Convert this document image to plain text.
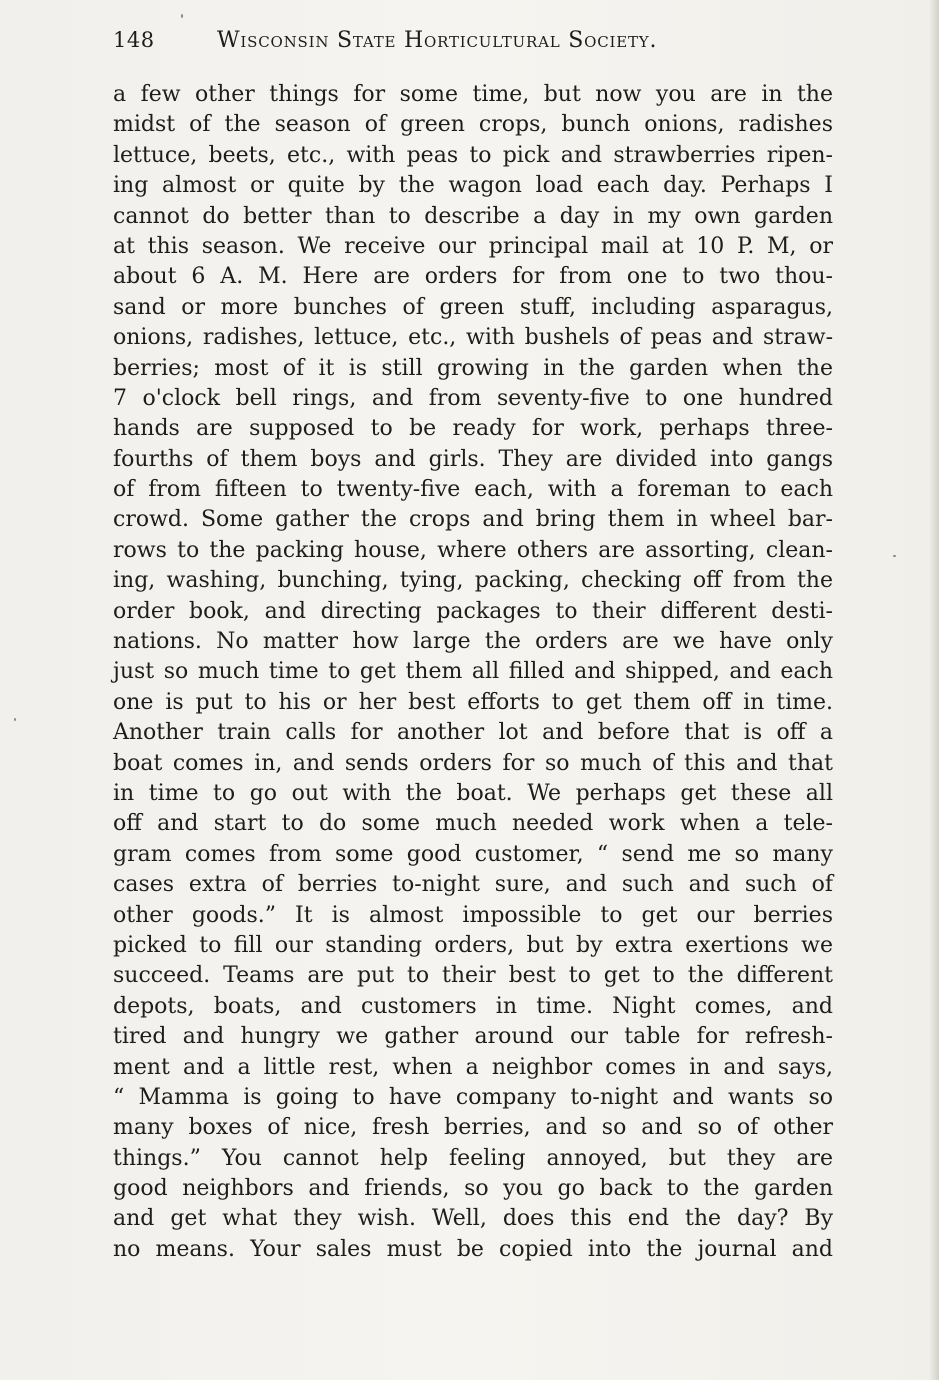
148	Wisconsin State Horticultural Society.
a few other things for some time, but now you are in the
midst of the season of green crops, bunch onions, radishes
lettuce, beets, etc., with peas to pick and strawberries ripen-
ing almost or quite by the wagon load each day. Perhaps I
cannot do better than to describe a day in my own garden
at this season. We receive our principal mail at 10 P. M, or
about 6 A. M. Here are orders for from one to two thou-
sand or more bunches of green stuff, including asparagus,
onions, radishes, lettuce, etc., with bushels of peas and straw-
berries; most of it is still growing in the garden when the
7 o'clock bell rings, and from seventy-five to one hundred
hands are supposed to be ready for work, perhaps three-
fourths of them boys and girls. They are divided into gangs
of from fifteen to twenty-five each, with a foreman to each
crowd. Some gather the crops and bring them in wheel bar-
rows to the packing house, where others are assorting, clean-
ing, washing, bunching, tying, packing, checking off from the
order book, and directing packages to their different desti-
nations. No matter how large the orders are we have only
just so much time to get them all filled and shipped, and each
one is put to his or her best efforts to get them off in time.
Another train calls for another lot and before that is off a
boat comes in, and sends orders for so much of this and that
in time to go out with the boat. We perhaps get these all
off and start to do some much needed work when a tele-
gram comes from some good customer, “ send me so many
cases extra of berries to-night sure, and such and such of
other goods.” It is almost impossible to get our berries
picked to fill our standing orders, but by extra exertions we
succeed. Teams are put to their best to get to the different
depots, boats, and customers in time. Night comes, and
tired and hungry we gather around our table for refresh-
ment and a little rest, when a neighbor comes in and says,
“ Mamma is going to have company to-night and wants so
many boxes of nice, fresh berries, and so and so of other
things.” You cannot help feeling annoyed, but they are
good neighbors and friends, so you go back to the garden
and get what they wish. Well, does this end the day? By
no means. Your sales must be copied into the journal and
